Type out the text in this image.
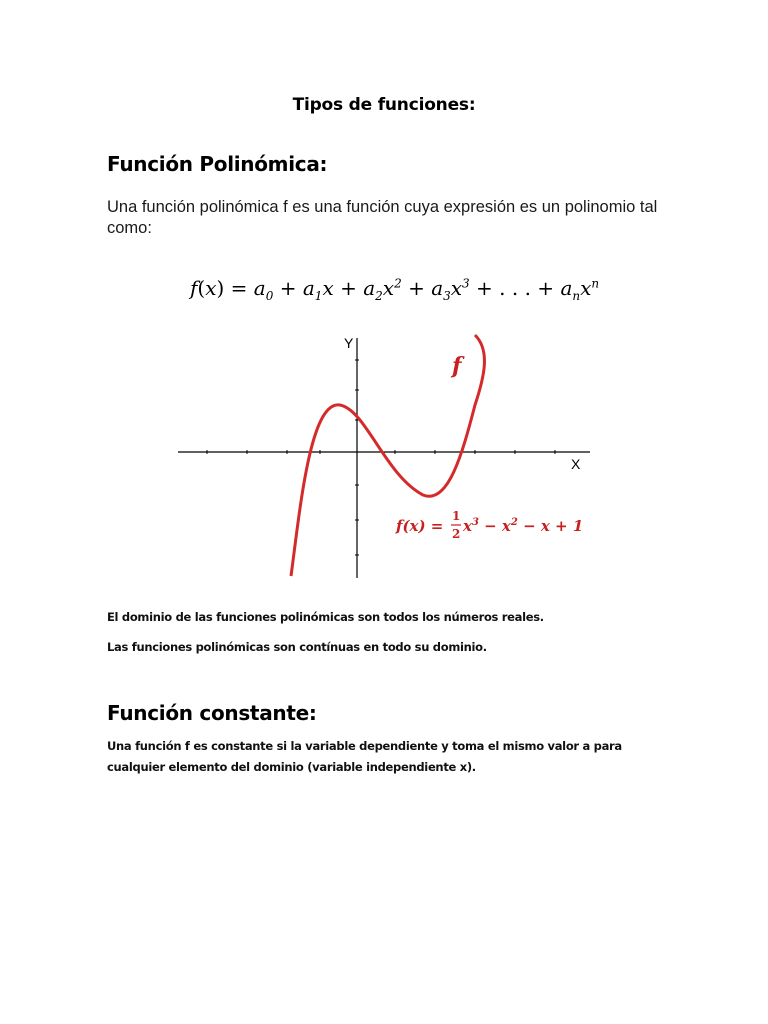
Tipos de funciones:
Función Polinómica:
Una función polinómica f es una función cuya expresión es un polinomio tal como:
$f(x) = a_0 + a_1x + a_2x^2 + a_3x^3$ + . . . + $a_nx^n$
Y
X
f
f(x) =
1
2 $x^3 - x^2 - x + 1$
El dominio de las funciones polinómicas son todos los números reales.
Las funciones polinómicas son contínuas en todo su dominio.
Función constante:
Una función f es constante si la variable dependiente y toma el mismo valor a para cualquier elemento del dominio (variable independiente x).
